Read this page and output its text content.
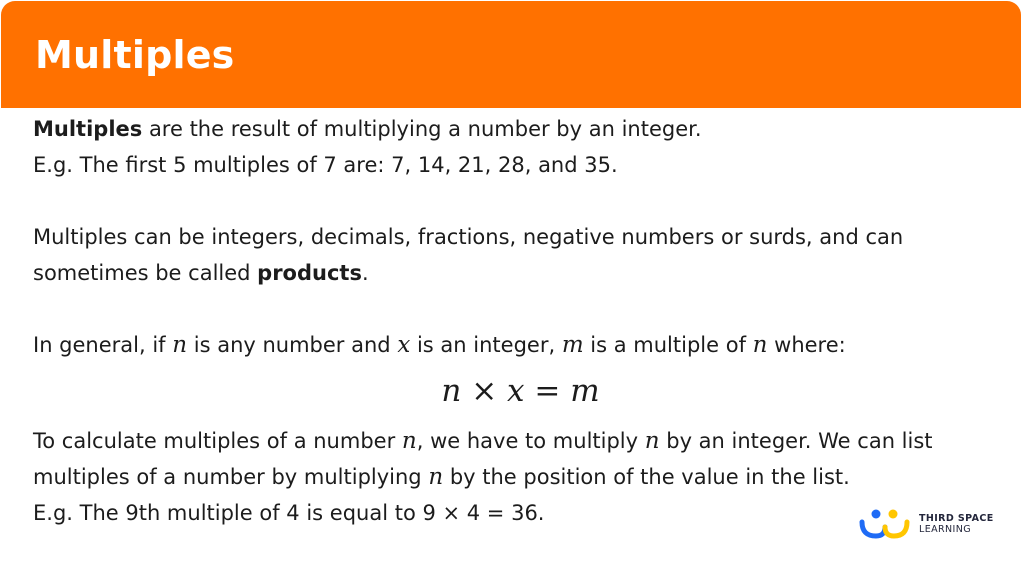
Multiples

Multiples are the result of multiplying a number by an integer.
E.g. The first 5 multiples of 7 are: 7, 14, 21, 28, and 35.

Multiples can be integers, decimals, fractions, negative numbers or surds, and can sometimes be called products.

In general, if n is any number and x is an integer, m is a multiple of n where:

n × x = m

To calculate multiples of a number n, we have to multiply n by an integer. We can list multiples of a number by multiplying n by the position of the value in the list.
E.g. The 9th multiple of 4 is equal to 9 × 4 = 36.	THIRD SPACE
LEARNING
